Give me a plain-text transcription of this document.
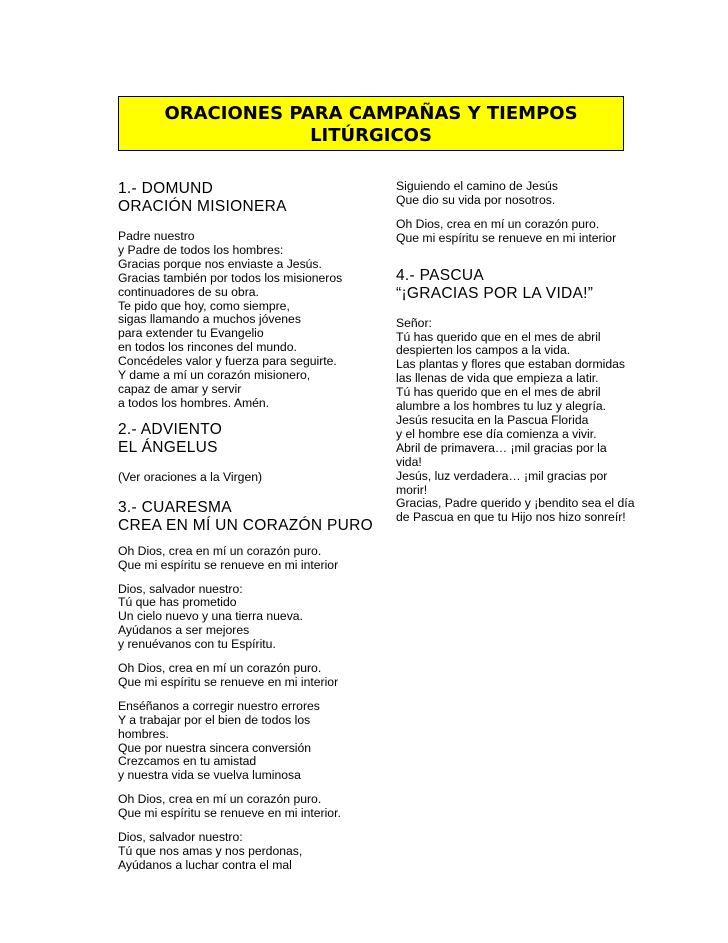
ORACIONES PARA CAMPAÑAS Y TIEMPOS
LITÚRGICOS
1.- DOMUND
ORACIÓN MISIONERA
Padre nuestro
y Padre de todos los hombres:
Gracias porque nos enviaste a Jesús.
Gracias también por todos los misioneros
continuadores de su obra.
Te pido que hoy, como siempre,
sigas llamando a muchos jóvenes
para extender tu Evangelio
en todos los rincones del mundo.
Concédeles valor y fuerza para seguirte.
Y dame a mí un corazón misionero,
capaz de amar y servir
a todos los hombres. Amén.
2.- ADVIENTO
EL ÁNGELUS
(Ver oraciones a la Virgen)
3.- CUARESMA
CREA EN MÍ UN CORAZÓN PURO
Oh Dios, crea en mí un corazón puro.
Que mi espíritu se renueve en mi interior
Dios, salvador nuestro:
Tú que has prometido
Un cielo nuevo y una tierra nueva.
Ayúdanos a ser mejores
y renuévanos con tu Espíritu.
Oh Dios, crea en mí un corazón puro.
Que mi espíritu se renueve en mi interior
Enséñanos a corregir nuestro errores
Y a trabajar por el bien de todos los
hombres.
Que por nuestra sincera conversión
Crezcamos en tu amistad
y nuestra vida se vuelva luminosa
Oh Dios, crea en mí un corazón puro.
Que mi espíritu se renueve en mi interior.
Dios, salvador nuestro:
Tú que nos amas y nos perdonas,
Ayúdanos a luchar contra el mal
Siguiendo el camino de Jesús
Que dio su vida por nosotros.
Oh Dios, crea en mí un corazón puro.
Que mi espíritu se renueve en mi interior
4.- PASCUA
“¡GRACIAS POR LA VIDA!”
Señor:
Tú has querido que en el mes de abril
despierten los campos a la vida.
Las plantas y flores que estaban dormidas
las llenas de vida que empieza a latir.
Tú has querido que en el mes de abril
alumbre a los hombres tu luz y alegría.
Jesús resucita en la Pascua Florida
y el hombre ese día comienza a vivir.
Abril de primavera… ¡mil gracias por la
vida!
Jesús, luz verdadera… ¡mil gracias por
morir!
Gracias, Padre querido y ¡bendito sea el día
de Pascua en que tu Hijo nos hizo sonreír!
